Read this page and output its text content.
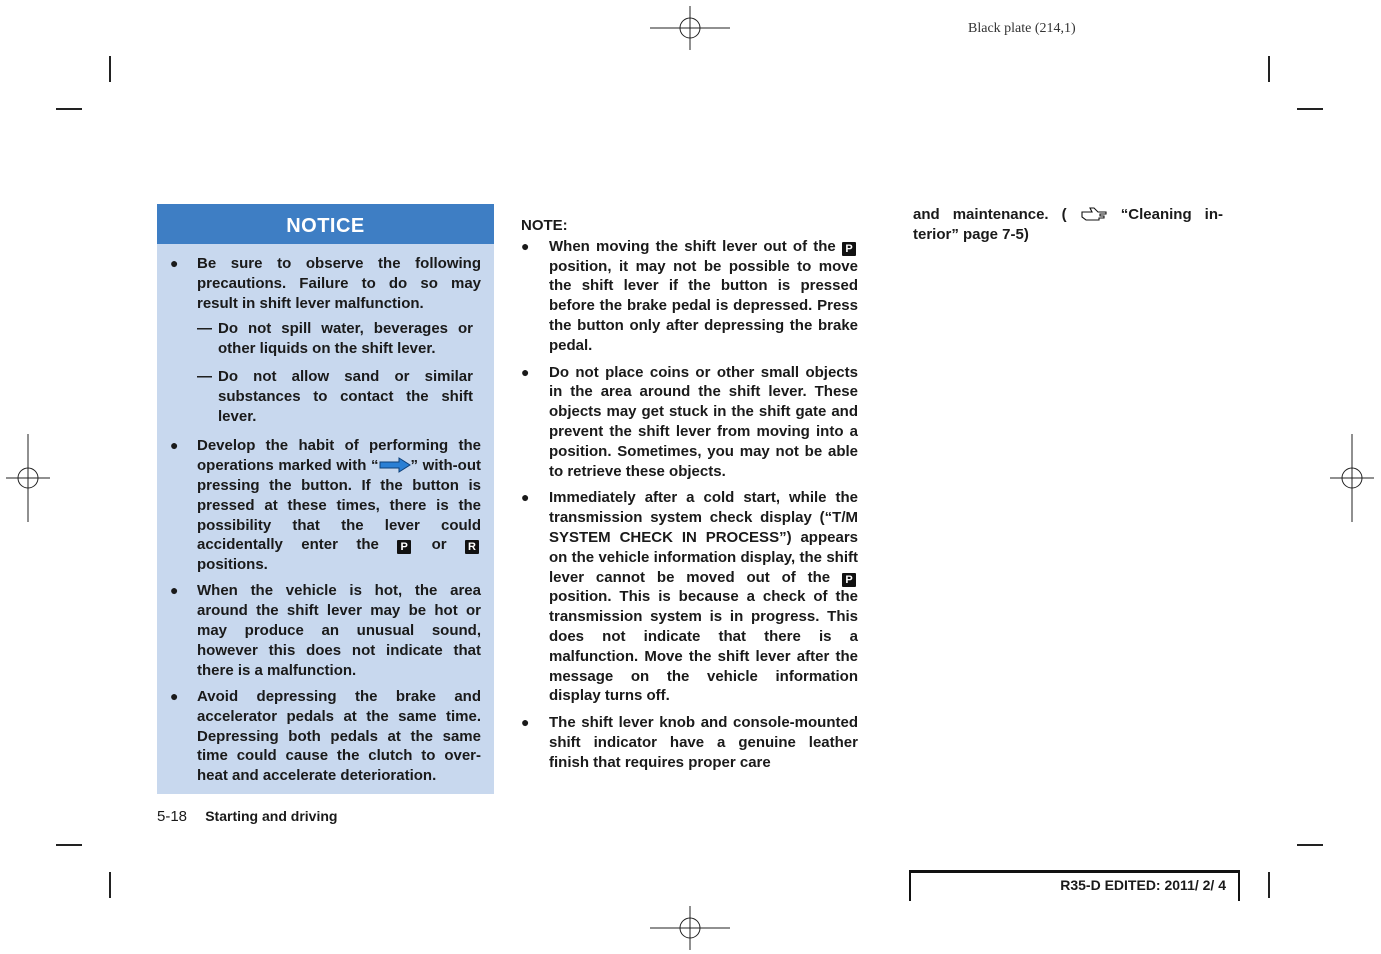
Black plate (214,1)
NOTICE
● Be sure to observe the following precautions. Failure to do so may result in shift lever malfunction.
— Do not spill water, beverages or other liquids on the shift lever.
— Do not allow sand or similar substances to contact the shift lever.
● Develop the habit of performing the operations marked with “ ” with-out pressing the button. If the button is pressed at these times, there is the possibility that the lever could accidentally enter the P or R positions.
● When the vehicle is hot, the area around the shift lever may be hot or may produce an unusual sound, however this does not indicate that there is a malfunction.
● Avoid depressing the brake and accelerator pedals at the same time. Depressing both pedals at the same time could cause the clutch to over-heat and accelerate deterioration.
NOTE:
● When moving the shift lever out of the P position, it may not be possible to move the shift lever if the button is pressed before the brake pedal is depressed. Press the button only after depressing the brake pedal.
● Do not place coins or other small objects in the area around the shift lever. These objects may get stuck in the shift gate and prevent the shift lever from moving into a position. Sometimes, you may not be able to retrieve these objects.
● Immediately after a cold start, while the transmission system check display (“T/M SYSTEM CHECK IN PROCESS”) appears on the vehicle information display, the shift lever cannot be moved out of the P position. This is because a check of the transmission system is in progress. This does not indicate that there is a malfunction. Move the shift lever after the message on the vehicle information display turns off.
● The shift lever knob and console-mounted shift indicator have a genuine leather finish that requires proper care
and maintenance. (	“Cleaning in-terior” page 7-5)
5-18 Starting and driving
R35-D EDITED: 2011/ 2/ 4
